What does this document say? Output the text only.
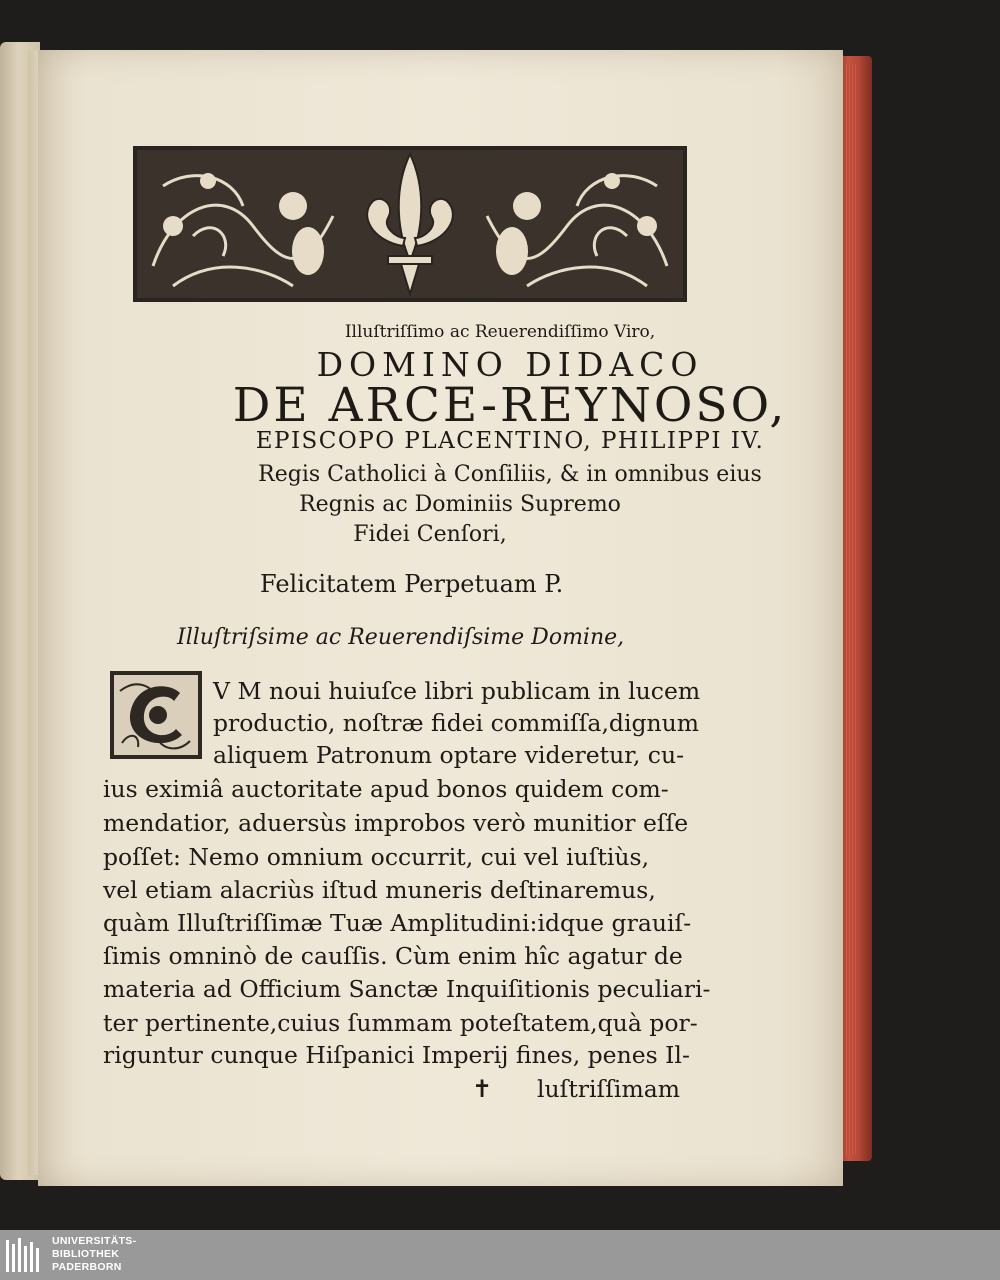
Illuſtriſſimo ac Reuerendiſſimo Viro,
DOMINO DIDACO
DE ARCE-REYNOSO,
EPISCOPO PLACENTINO, PHILIPPI IV.
Regis Catholici à Conſiliis, & in omnibus eius
Regnis ac Dominiis Supremo
Fidei Cenſori,
Felicitatem Perpetuam P.
Illuſtriſsime ac Reuerendiſsime Domine,
V M noui huiuſce libri publicam in lucem
productio, noſtræ fidei commiſſa,dignum
aliquem Patronum optare videretur, cu-
ius eximiâ auctoritate apud bonos quidem com-
mendatior, aduersùs improbos verò munitior eſſe
poſſet: Nemo omnium occurrit, cui vel iuſtiùs,
vel etiam alacriùs iſtud muneris deſtinaremus,
quàm Illuſtriſſimæ Tuæ Amplitudini:idque grauiſ-
ſimis omninò de cauſſis. Cùm enim hîc agatur de
materia ad Officium Sanctæ Inquiſitionis peculiari-
ter pertinente,cuius ſummam poteſtatem,quà por-
riguntur cunque Hiſpanici Imperij fines, penes Il-
✝ luſtriſſimam
UNIVERSITÄTS-
BIBLIOTHEK
PADERBORN
